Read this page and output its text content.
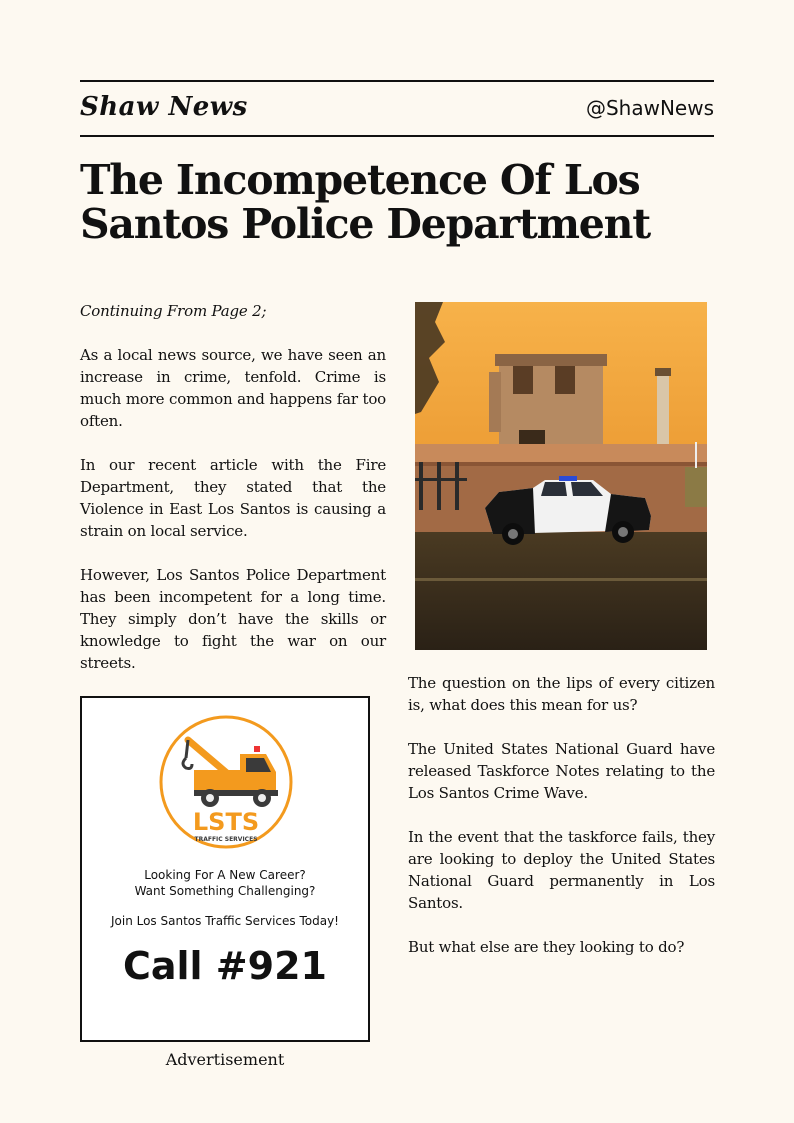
Shaw News	@ShawNews
The Incompetence Of Los Santos Police Department

Continuing From Page 2;

As a local news source, we have seen an increase in crime, tenfold. Crime is much more common and happens far too often.

In our recent article with the Fire Department, they stated that the Violence in East Los Santos is causing a strain on local service.

However, Los Santos Police Department has been incompetent for a long time. They simply don’t have the skills or knowledge to fight the war on our streets.

The question on the lips of every citizen is, what does this mean for us?

The United States National Guard have released Taskforce Notes relating to the Los Santos Crime Wave.

In the event that the taskforce fails, they are looking to deploy the United States National Guard permanently in Los Santos.

But what else are they looking to do?

LSTS
TRAFFIC SERVICES
Looking For A New Career?
Want Something Challenging?
Join Los Santos Traffic Services Today!
Call #921
Advertisement
